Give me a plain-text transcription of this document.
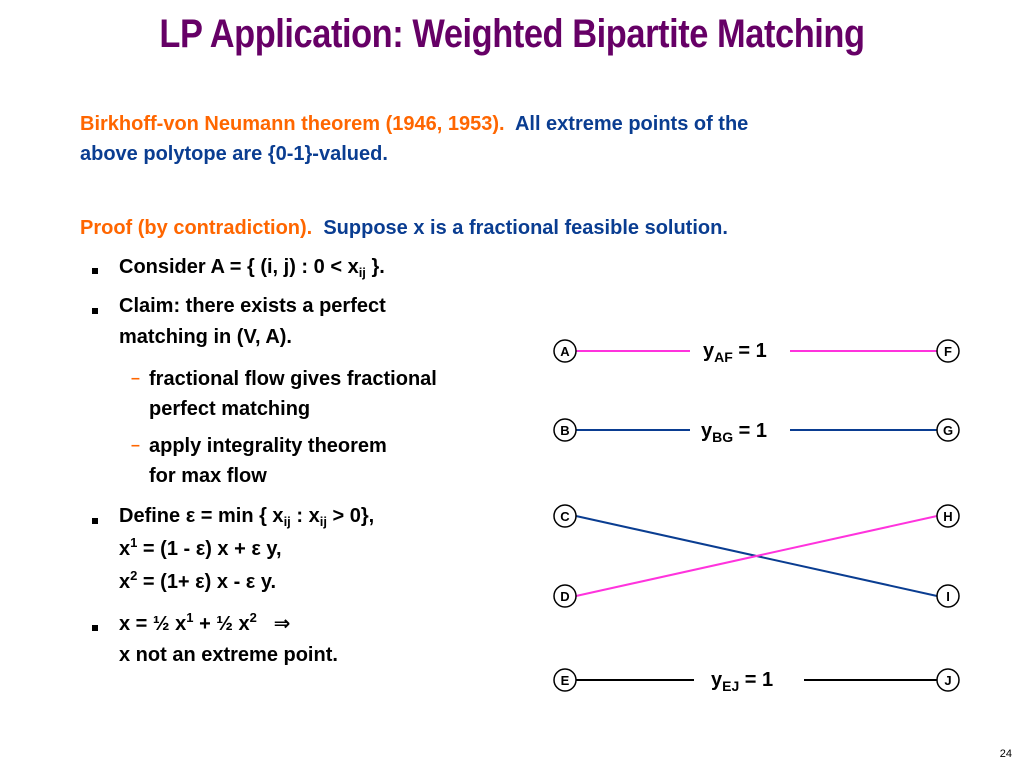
LP Application: Weighted Bipartite Matching
Birkhoff-von Neumann theorem (1946, 1953). All extreme points of the
above polytope are {0-1}-valued.
Proof (by contradiction). Suppose x is a fractional feasible solution.
Consider A = { (i, j) : $0 < x_{ij}$ }.
Claim: there exists a perfect
matching in (V, A).
– fractional flow gives fractional
perfect matching
– apply integrality theorem
for max flow
Define ε = min { $x_{ij}$ : $x_{ij} > 0$},
$x^1 = (1 - \varepsilon) x + \varepsilon$ y,
$x^2 = (1+ \varepsilon)$ x - ε y.
x = ½ $x^1$ + ½ $x^2$ ⇒
x not an extreme point.
$y_{AF} = 1$
$y_{BG} = 1$
$y_{EJ} = 1$
A
B
C
D
E
F
G
H
I
J
24
